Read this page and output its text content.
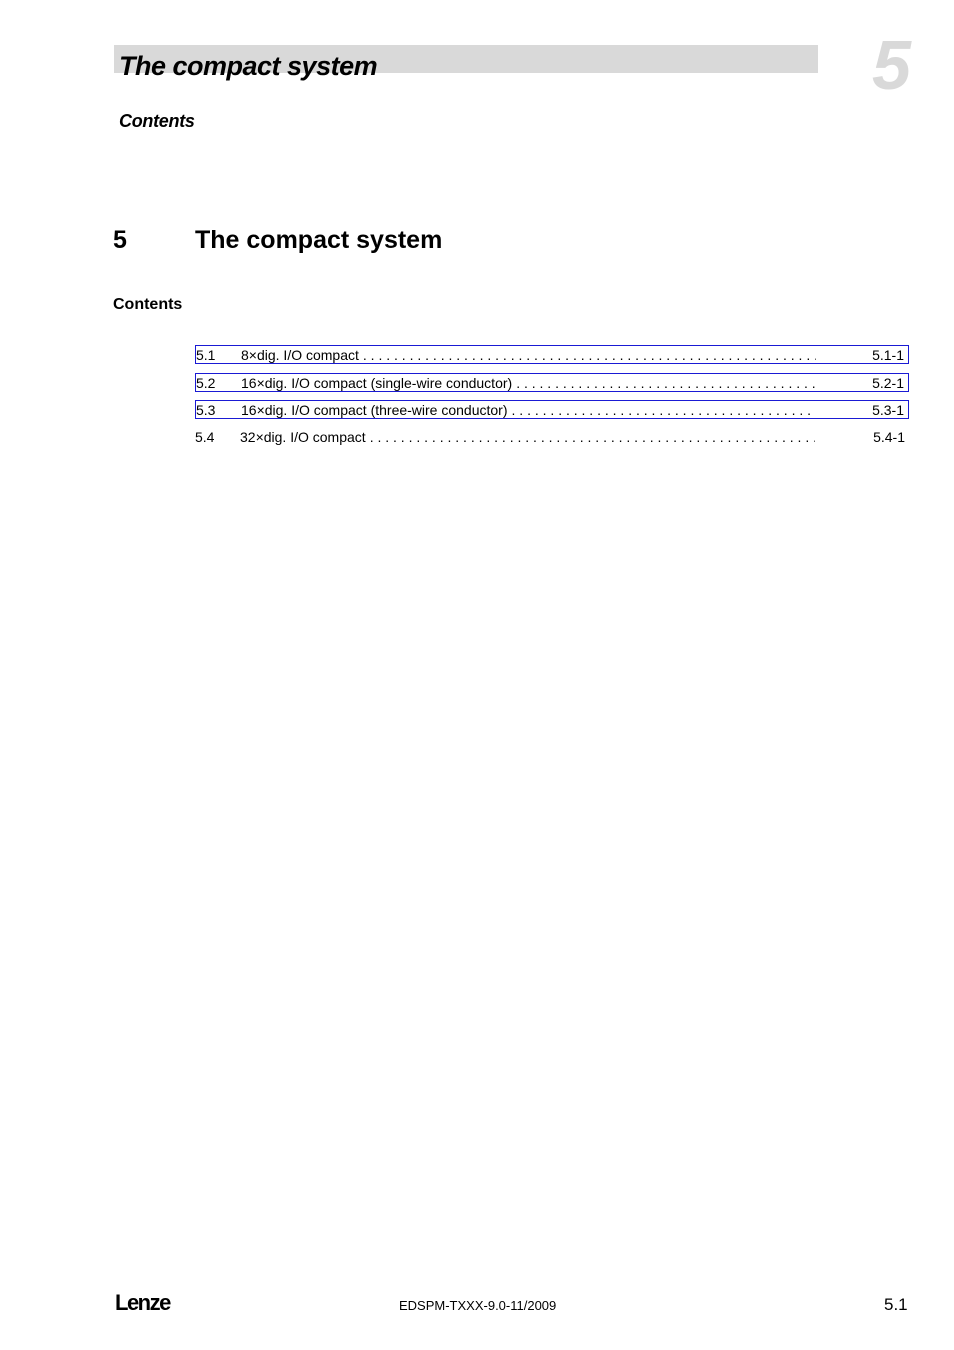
The compact system	5
Contents
5	The compact system
Contents
5.1 8×dig. I/O compact . . .	5.1-1
5.2 16×dig. I/O compact (single-wire conductor) . . .	5.2-1
5.3 16×dig. I/O compact (three-wire conductor) . . .	5.3-1
5.4 32×dig. I/O compact . . .	5.4-1
Lenze	EDSPM-TXXX-9.0-11/2009	5.1
